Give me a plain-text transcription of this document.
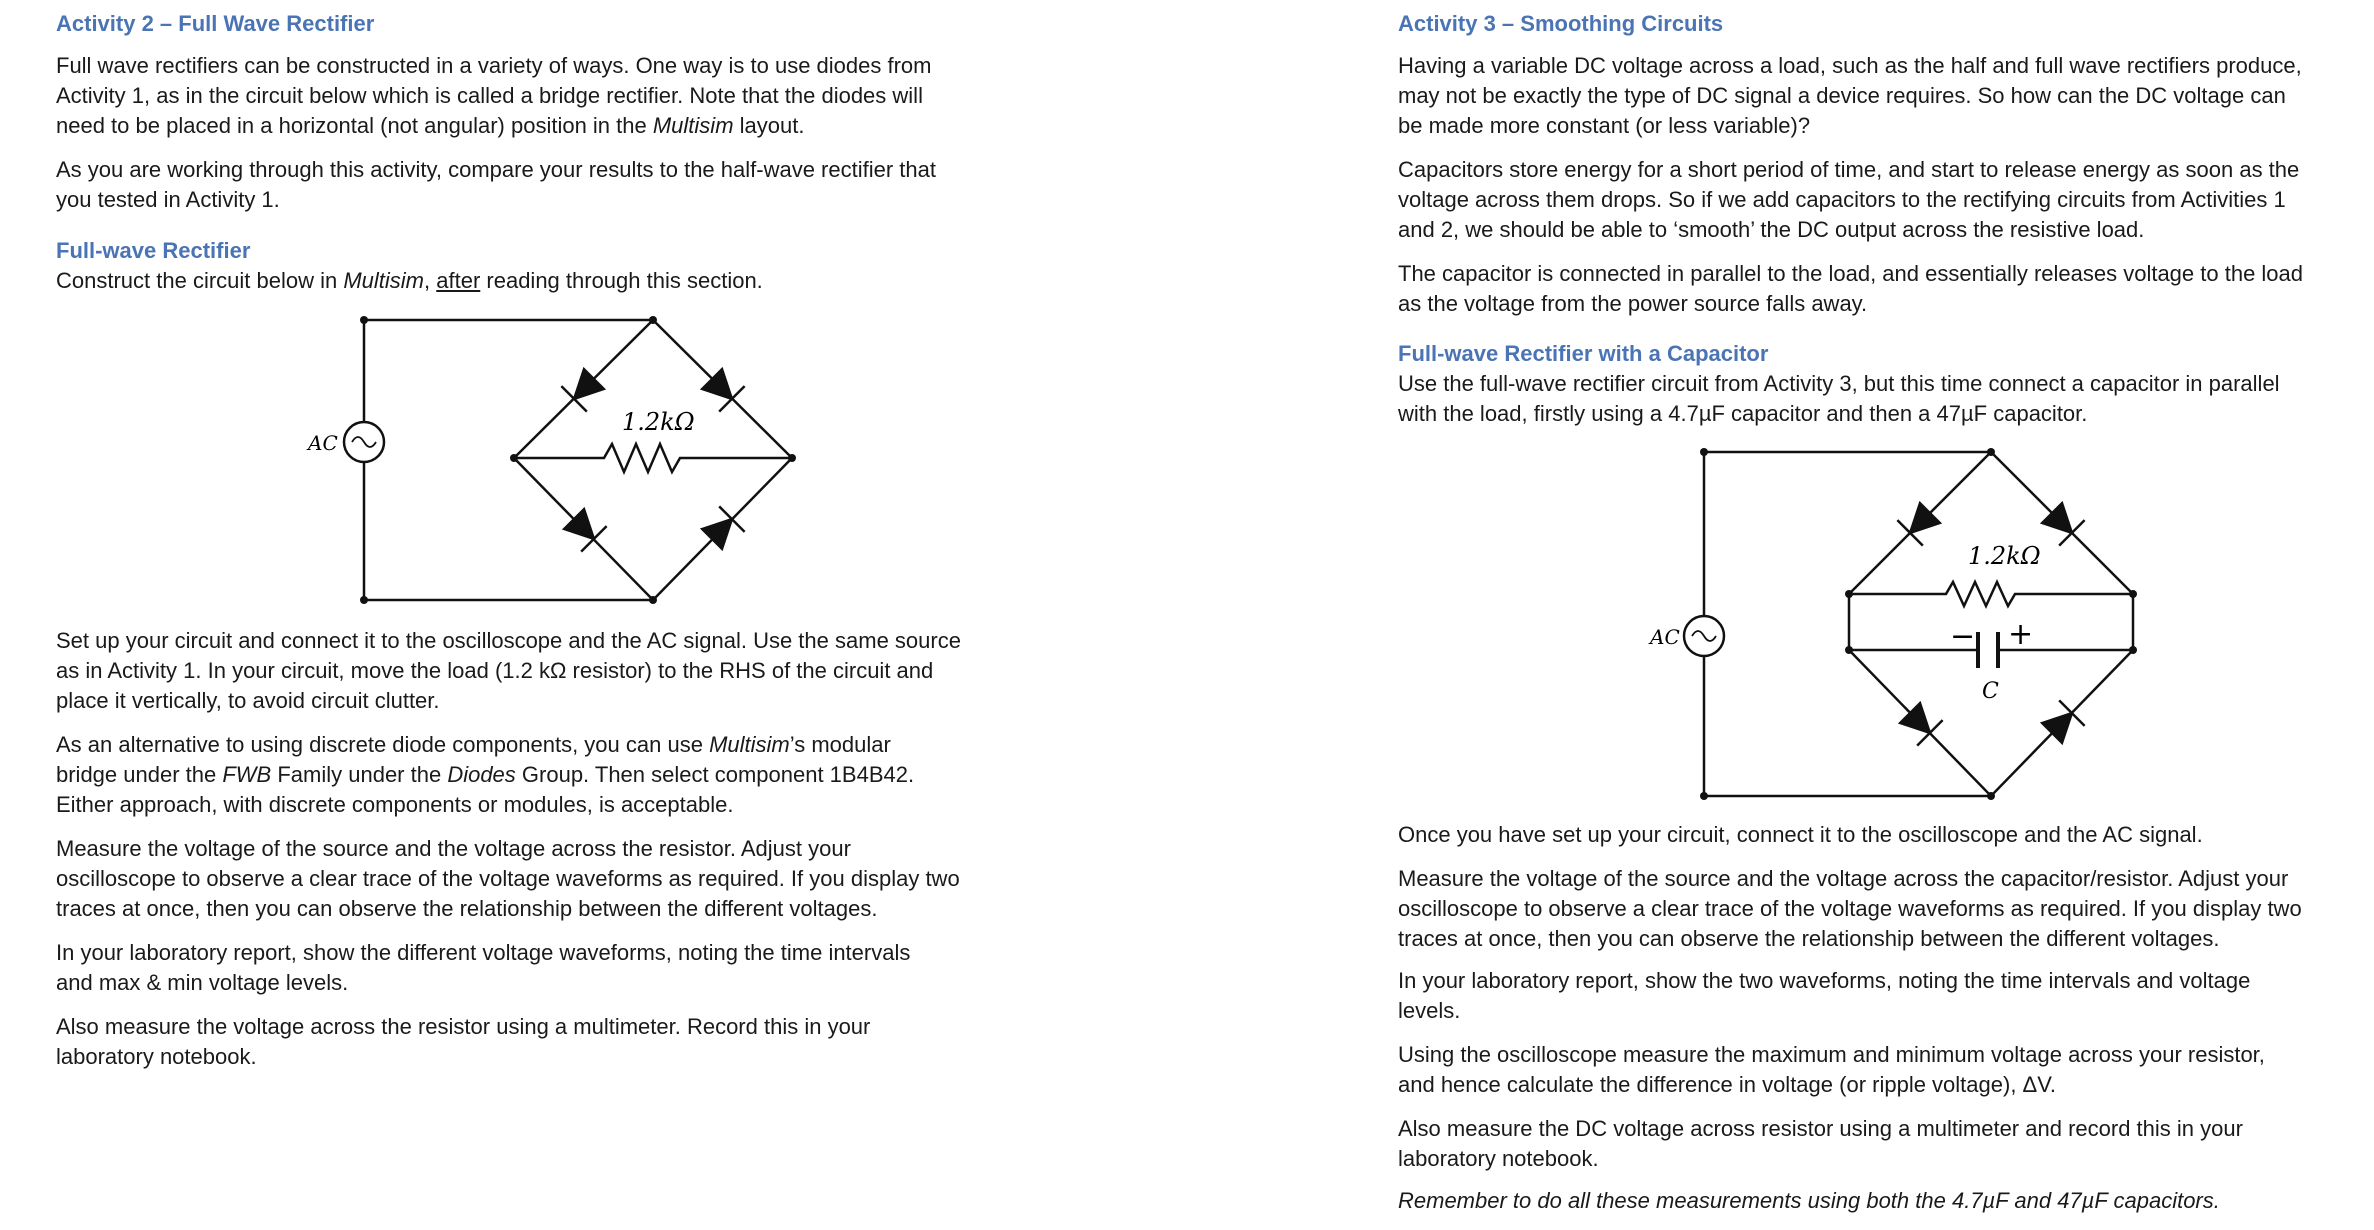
Activity 2 – Full Wave Rectifier

Full wave rectifiers can be constructed in a variety of ways. One way is to use diodes from
Activity 1, as in the circuit below which is called a bridge rectifier. Note that the diodes will
need to be placed in a horizontal (not angular) position in the Multisim layout.

As you are working through this activity, compare your results to the half-wave rectifier that
you tested in Activity 1.

Full-wave Rectifier

Construct the circuit below in Multisim, after reading through this section.

AC
1.2kΩ

Set up your circuit and connect it to the oscilloscope and the AC signal. Use the same source
as in Activity 1. In your circuit, move the load (1.2 kΩ resistor) to the RHS of the circuit and
place it vertically, to avoid circuit clutter.

As an alternative to using discrete diode components, you can use Multisim’s modular
bridge under the FWB Family under the Diodes Group. Then select component 1B4B42.
Either approach, with discrete components or modules, is acceptable.

Measure the voltage of the source and the voltage across the resistor. Adjust your
oscilloscope to observe a clear trace of the voltage waveforms as required. If you display two
traces at once, then you can observe the relationship between the different voltages.

In your laboratory report, show the different voltage waveforms, noting the time intervals
and max & min voltage levels.

Also measure the voltage across the resistor using a multimeter. Record this in your
laboratory notebook.

Activity 3 – Smoothing Circuits

Having a variable DC voltage across a load, such as the half and full wave rectifiers produce,
may not be exactly the type of DC signal a device requires. So how can the DC voltage can
be made more constant (or less variable)?

Capacitors store energy for a short period of time, and start to release energy as soon as the
voltage across them drops. So if we add capacitors to the rectifying circuits from Activities 1
and 2, we should be able to ‘smooth’ the DC output across the resistive load.

The capacitor is connected in parallel to the load, and essentially releases voltage to the load
as the voltage from the power source falls away.

Full-wave Rectifier with a Capacitor

Use the full-wave rectifier circuit from Activity 3, but this time connect a capacitor in parallel
with the load, firstly using a 4.7µF capacitor and then a 47µF capacitor.

AC
1.2kΩ
− +
C

Once you have set up your circuit, connect it to the oscilloscope and the AC signal.

Measure the voltage of the source and the voltage across the capacitor/resistor. Adjust your
oscilloscope to observe a clear trace of the voltage waveforms as required. If you display two
traces at once, then you can observe the relationship between the different voltages.

In your laboratory report, show the two waveforms, noting the time intervals and voltage
levels.

Using the oscilloscope measure the maximum and minimum voltage across your resistor,
and hence calculate the difference in voltage (or ripple voltage), ΔV.

Also measure the DC voltage across resistor using a multimeter and record this in your
laboratory notebook.

Remember to do all these measurements using both the 4.7µF and 47µF capacitors.
